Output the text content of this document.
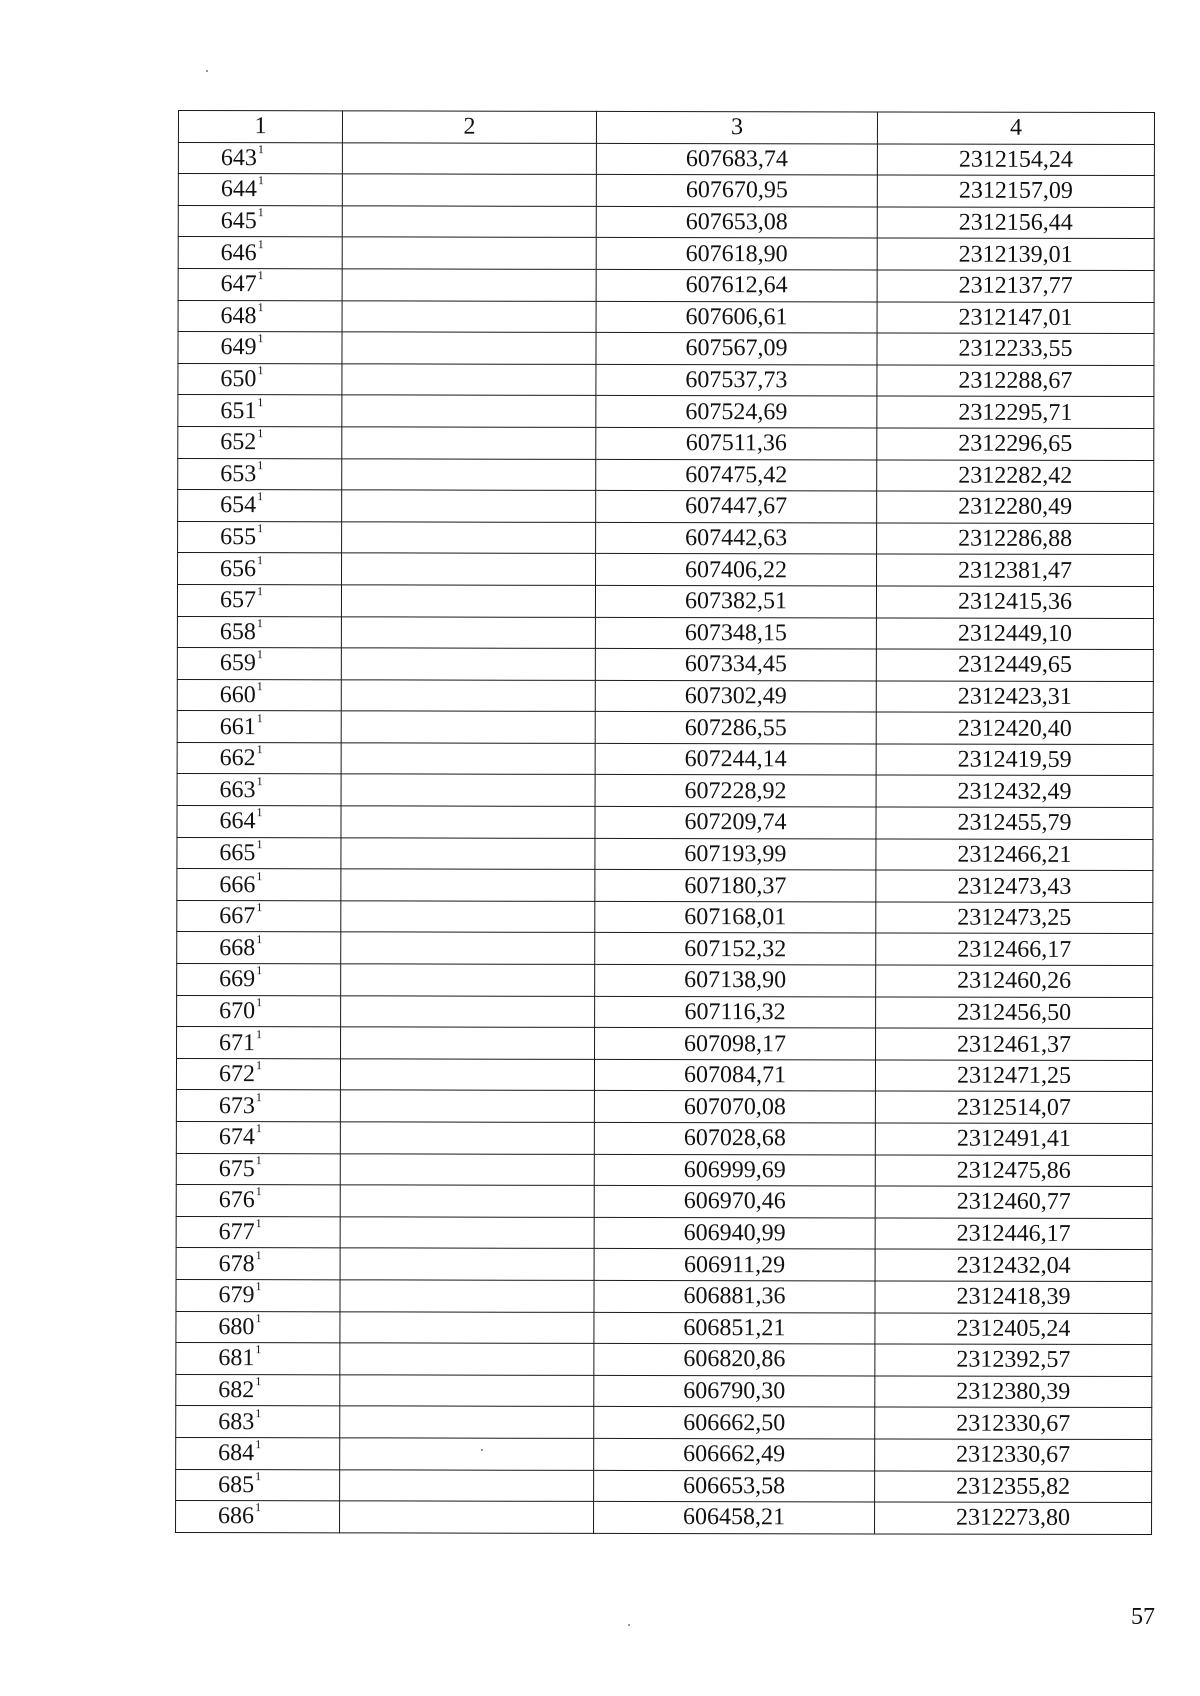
1	2	3	4
$643^1$		607683,74	2312154,24
$644^1$		607670,95	2312157,09
$645^1$		607653,08	2312156,44
$646^1$		607618,90	2312139,01
$647^1$		607612,64	2312137,77
$648^1$		607606,61	2312147,01
$649^1$		607567,09	2312233,55
$650^1$		607537,73	2312288,67
$651^1$		607524,69	2312295,71
$652^1$		607511,36	2312296,65
$653^1$		607475,42	2312282,42
$654^1$		607447,67	2312280,49
$655^1$		607442,63	2312286,88
$656^1$		607406,22	2312381,47
$657^1$		607382,51	2312415,36
$658^1$		607348,15	2312449,10
$659^1$		607334,45	2312449,65
$660^1$		607302,49	2312423,31
$661^1$		607286,55	2312420,40
$662^1$		607244,14	2312419,59
$663^1$		607228,92	2312432,49
$664^1$		607209,74	2312455,79
$665^1$		607193,99	2312466,21
$666^1$		607180,37	2312473,43
$667^1$		607168,01	2312473,25
$668^1$		607152,32	2312466,17
$669^1$		607138,90	2312460,26
$670^1$		607116,32	2312456,50
$671^1$		607098,17	2312461,37
$672^1$		607084,71	2312471,25
$673^1$		607070,08	2312514,07
$674^1$		607028,68	2312491,41
$675^1$		606999,69	2312475,86
$676^1$		606970,46	2312460,77
$677^1$		606940,99	2312446,17
$678^1$		606911,29	2312432,04
$679^1$		606881,36	2312418,39
$680^1$		606851,21	2312405,24
$681^1$		606820,86	2312392,57
$682^1$		606790,30	2312380,39
$683^1$		606662,50	2312330,67
$684^1$		606662,49	2312330,67
$685^1$		606653,58	2312355,82
$686^1$		606458,21	2312273,80
57
